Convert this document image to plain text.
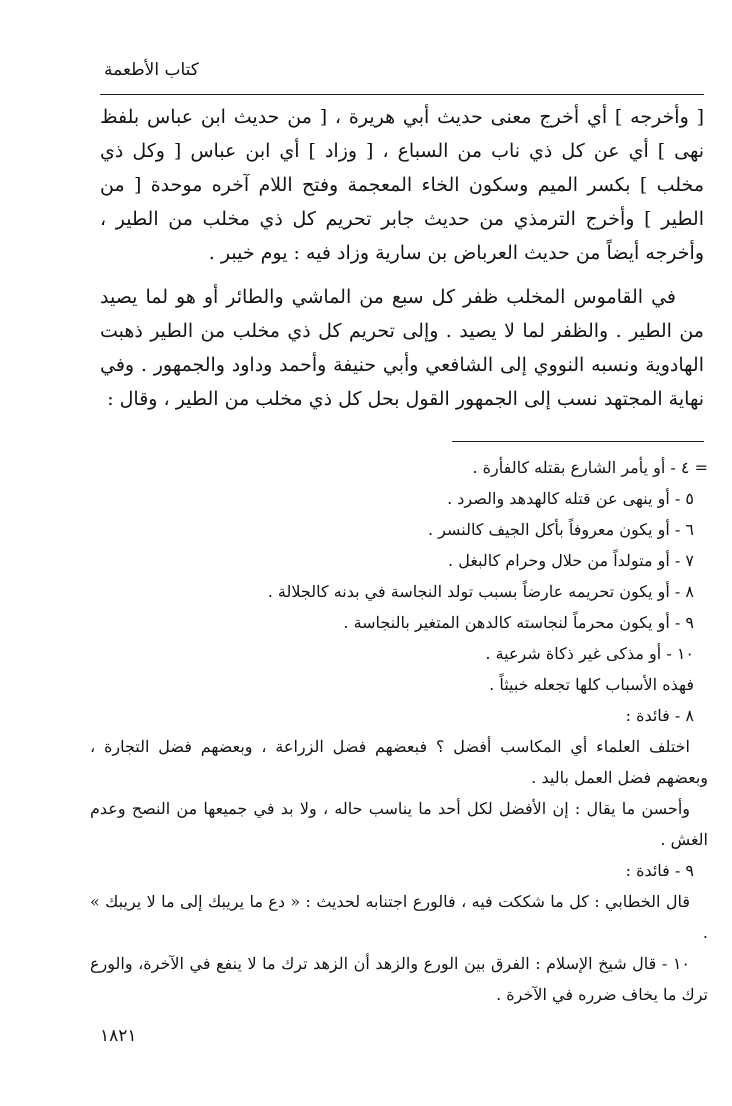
كتاب الأطعمة

[ وأخرجه ] أي أخرج معنى حديث أبي هريرة ، [ من حديث ابن عباس بلفظ نهى ] أي عن كل ذي ناب من السباع ، [ وزاد ] أي ابن عباس [ وكل ذي مخلب ] بكسر الميم وسكون الخاء المعجمة وفتح اللام آخره موحدة [ من الطير ] وأخرج الترمذي من حديث جابر تحريم كل ذي مخلب من الطير ، وأخرجه أيضاً من حديث العرباض بن سارية وزاد فيه : يوم خيبر .

في القاموس المخلب ظفر كل سبع من الماشي والطائر أو هو لما يصيد من الطير . والظفر لما لا يصيد . وإلى تحريم كل ذي مخلب من الطير ذهبت الهادوية ونسبه النووي إلى الشافعي وأبي حنيفة وأحمد وداود والجمهور . وفي نهاية المجتهد نسب إلى الجمهور القول بحل كل ذي مخلب من الطير ، وقال :

= ٤ - أو يأمر الشارع بقتله كالفأرة .

٥ - أو ينهى عن قتله كالهدهد والصرد .

٦ - أو يكون معروفاً بأكل الجيف كالنسر .

٧ - أو متولداً من حلال وحرام كالبغل .

٨ - أو يكون تحريمه عارضاً بسبب تولد النجاسة في بدنه كالجلالة .

٩ - أو يكون محرماً لنجاسته كالدهن المتغير بالنجاسة .

١٠ - أو مذكى غير ذكاة شرعية .

فهذه الأسباب كلها تجعله خبيثاً .

٨ - فائدة :

اختلف العلماء أي المكاسب أفضل ؟ فبعضهم فضل الزراعة ، وبعضهم فضل التجارة ، وبعضهم فضل العمل باليد .

وأحسن ما يقال : إن الأفضل لكل أحد ما يناسب حاله ، ولا بد في جميعها من النصح وعدم الغش .

٩ - فائدة :

قال الخطابي : كل ما شككت فيه ، فالورع اجتنابه لحديث : « دع ما يريبك إلى ما لا يريبك » .

١٠ - قال شيخ الإسلام : الفرق بين الورع والزهد أن الزهد ترك ما لا ينفع في الآخرة، والورع ترك ما يخاف ضرره في الآخرة .

١٨٢١
